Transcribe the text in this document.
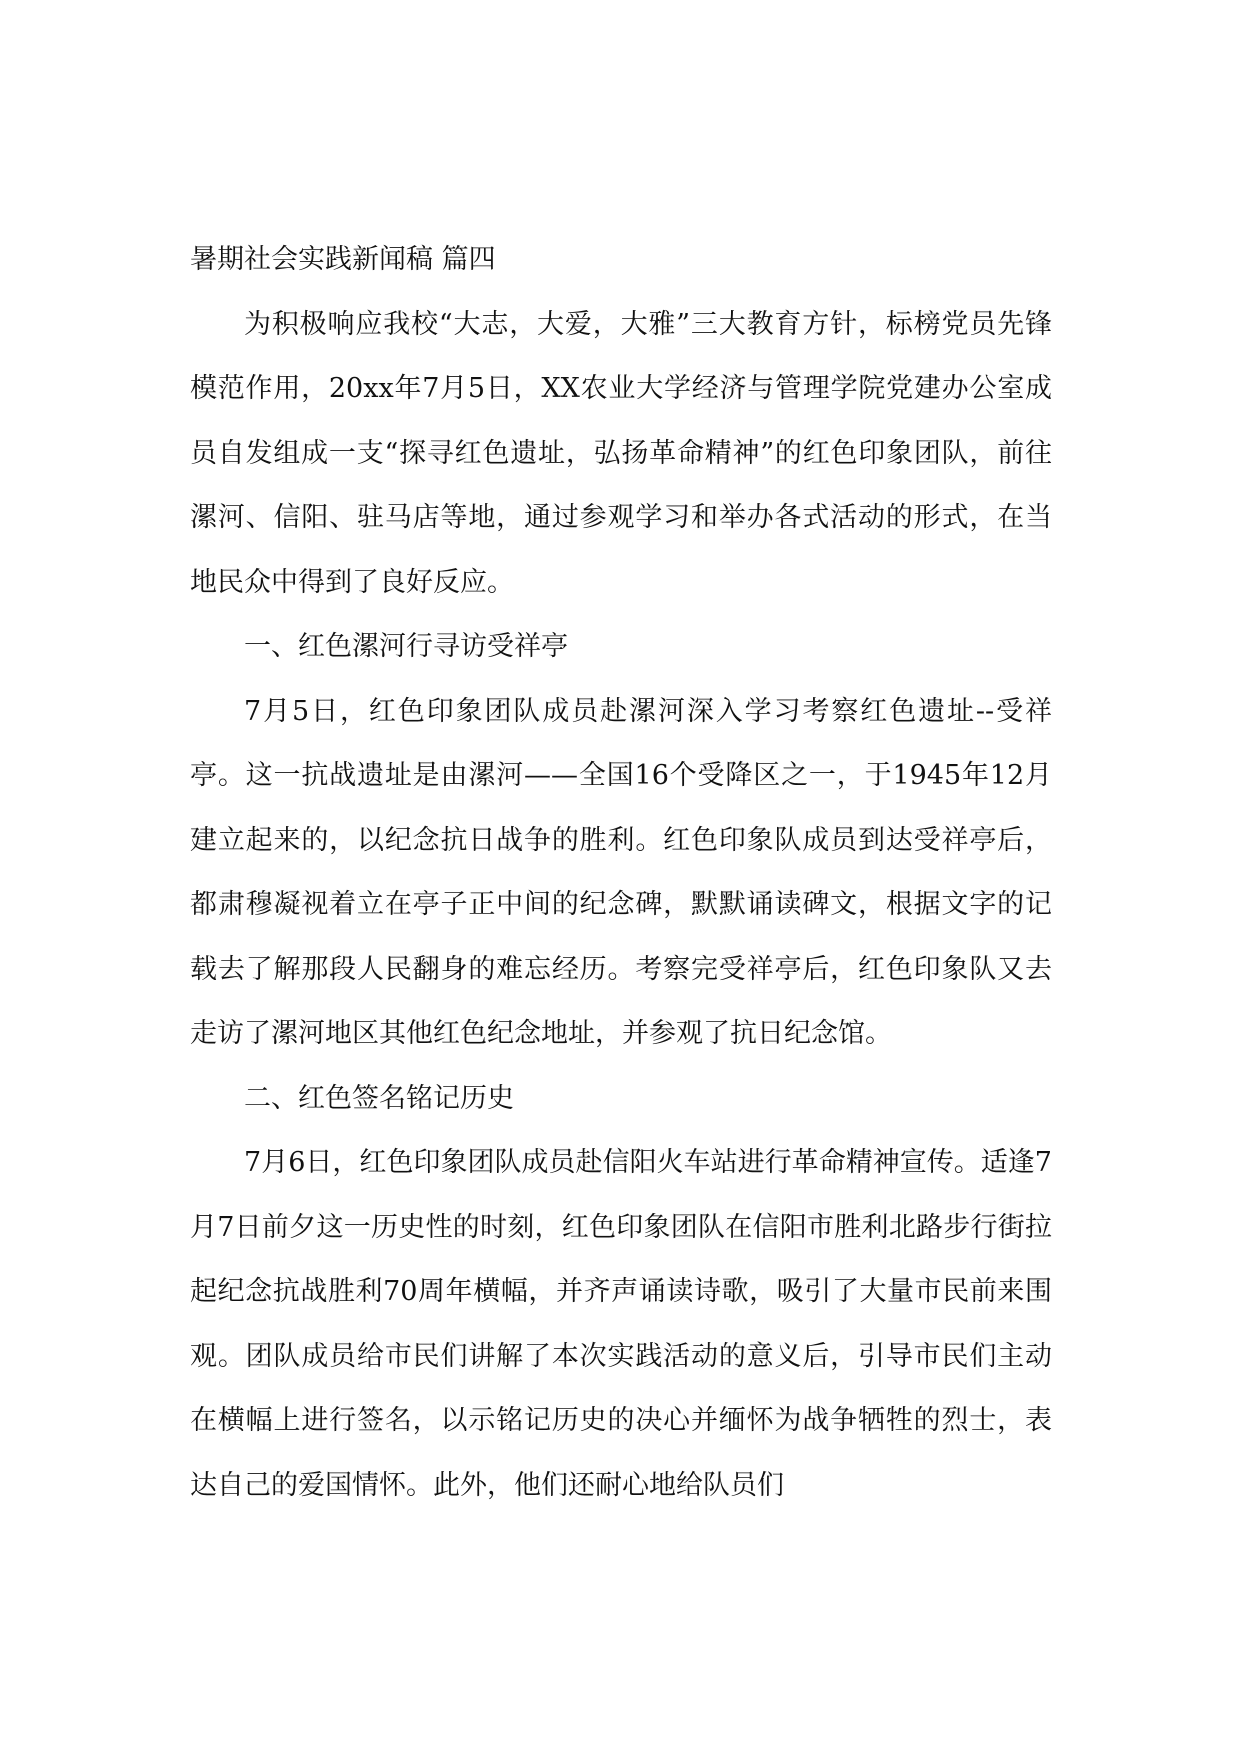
暑期社会实践新闻稿 篇四

为积极响应我校“大志，大爱，大雅”三大教育方针，标榜党员先锋模范作用，20xx年7月5日，XX农业大学经济与管理学院党建办公室成员自发组成一支“探寻红色遗址，弘扬革命精神”的红色印象团队，前往漯河、信阳、驻马店等地，通过参观学习和举办各式活动的形式，在当地民众中得到了良好反应。

一、红色漯河行寻访受祥亭

7月5日，红色印象团队成员赴漯河深入学习考察红色遗址--受祥亭。这一抗战遗址是由漯河——全国16个受降区之一，于1945年12月建立起来的，以纪念抗日战争的胜利。红色印象队成员到达受祥亭后，都肃穆凝视着立在亭子正中间的纪念碑，默默诵读碑文，根据文字的记载去了解那段人民翻身的难忘经历。考察完受祥亭后，红色印象队又去走访了漯河地区其他红色纪念地址，并参观了抗日纪念馆。

二、红色签名铭记历史

7月6日，红色印象团队成员赴信阳火车站进行革命精神宣传。适逢7月7日前夕这一历史性的时刻，红色印象团队在信阳市胜利北路步行街拉起纪念抗战胜利70周年横幅，并齐声诵读诗歌，吸引了大量市民前来围观。团队成员给市民们讲解了本次实践活动的意义后，引导市民们主动在横幅上进行签名，以示铭记历史的决心并缅怀为战争牺牲的烈士，表达自己的爱国情怀。此外，他们还耐心地给队员们
